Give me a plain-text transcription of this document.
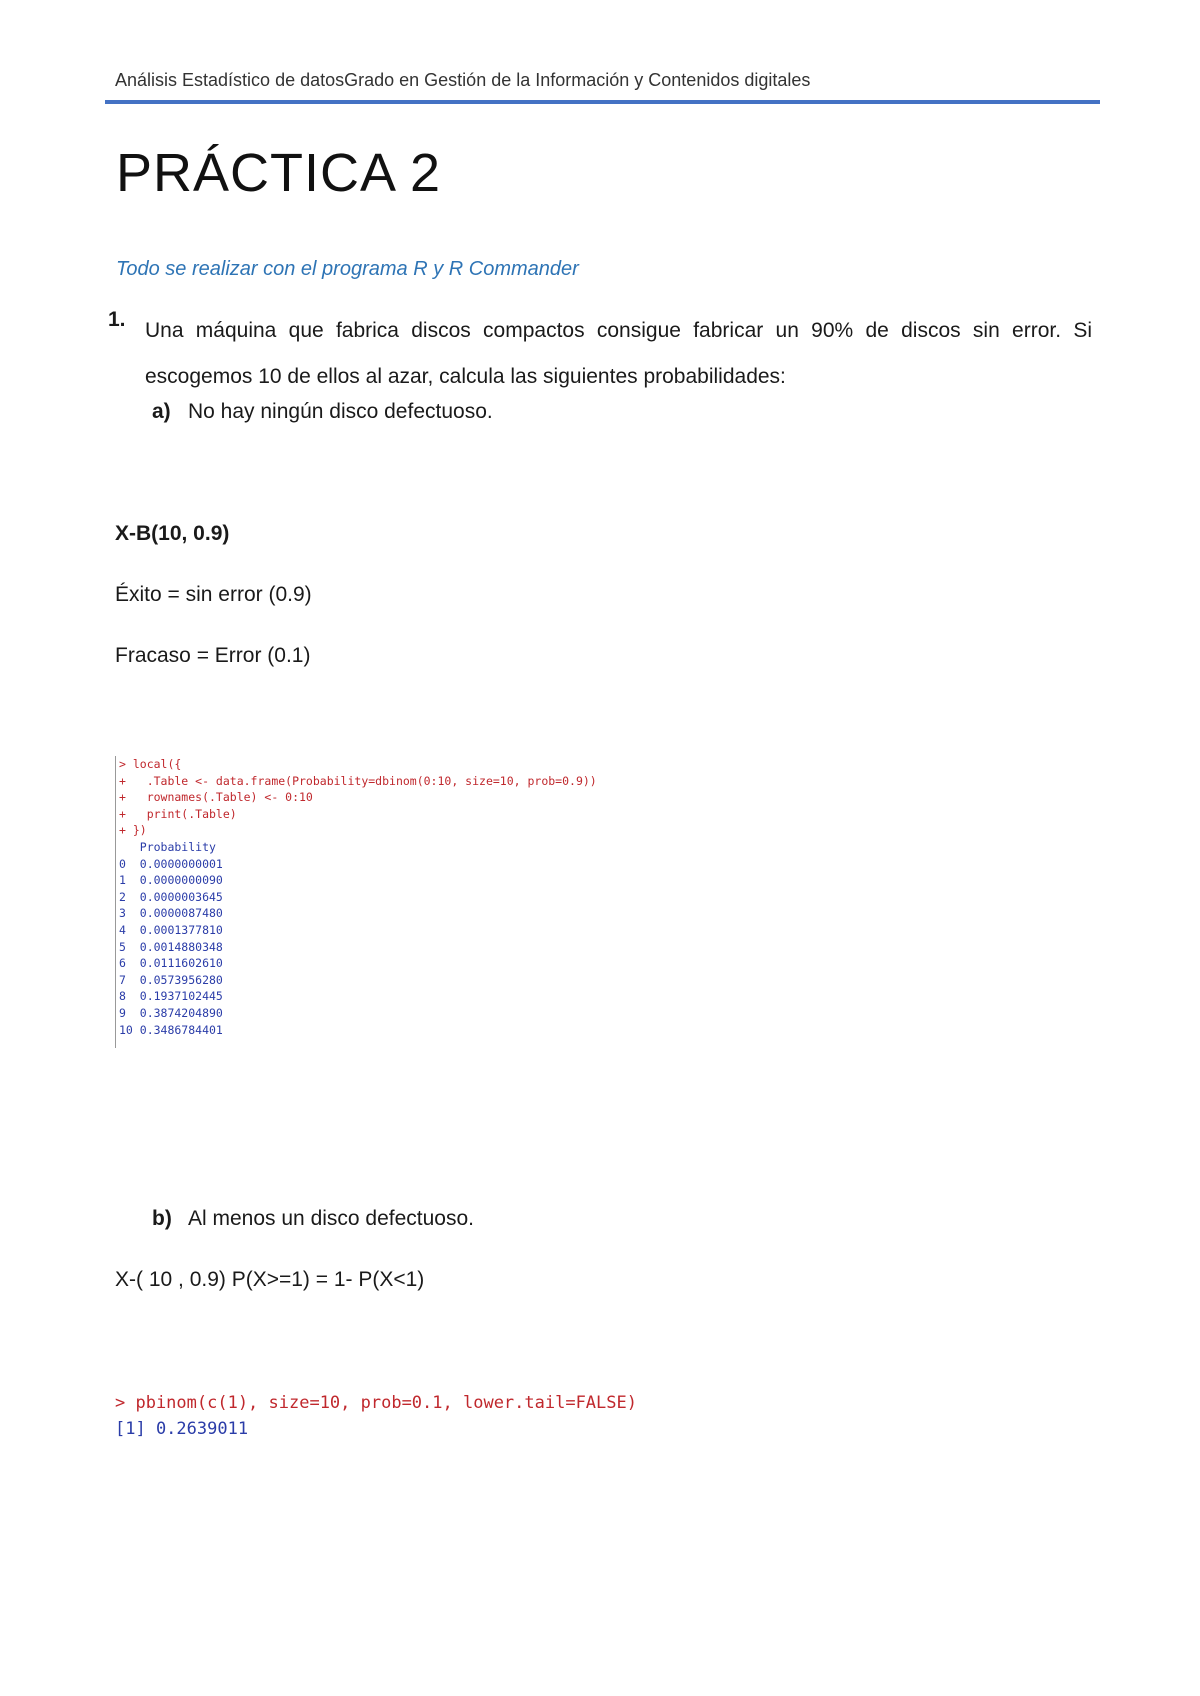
Análisis Estadístico de datosGrado en Gestión de la Información y Contenidos digitales
PRÁCTICA 2
Todo se realizar con el programa R y R Commander
1. Una máquina que fabrica discos compactos consigue fabricar un 90% de discos sin error. Si escogemos 10 de ellos al azar, calcula las siguientes probabilidades:
a) No hay ningún disco defectuoso.
X-B(10, 0.9)
Éxito = sin error (0.9)
Fracaso = Error (0.1)
> local({
+   .Table <- data.frame(Probability=dbinom(0:10, size=10, prob=0.9))
+   rownames(.Table) <- 0:10
+   print(.Table)
+ })
Probability
0  0.0000000001
1  0.0000000090
2  0.0000003645
3  0.0000087480
4  0.0001377810
5  0.0014880348
6  0.0111602610
7  0.0573956280
8  0.1937102445
9  0.3874204890
10 0.3486784401
b) Al menos un disco defectuoso.
X-( 10 , 0.9) P(X>=1) = 1- P(X<1)
> pbinom(c(1), size=10, prob=0.1, lower.tail=FALSE)
[1] 0.2639011
